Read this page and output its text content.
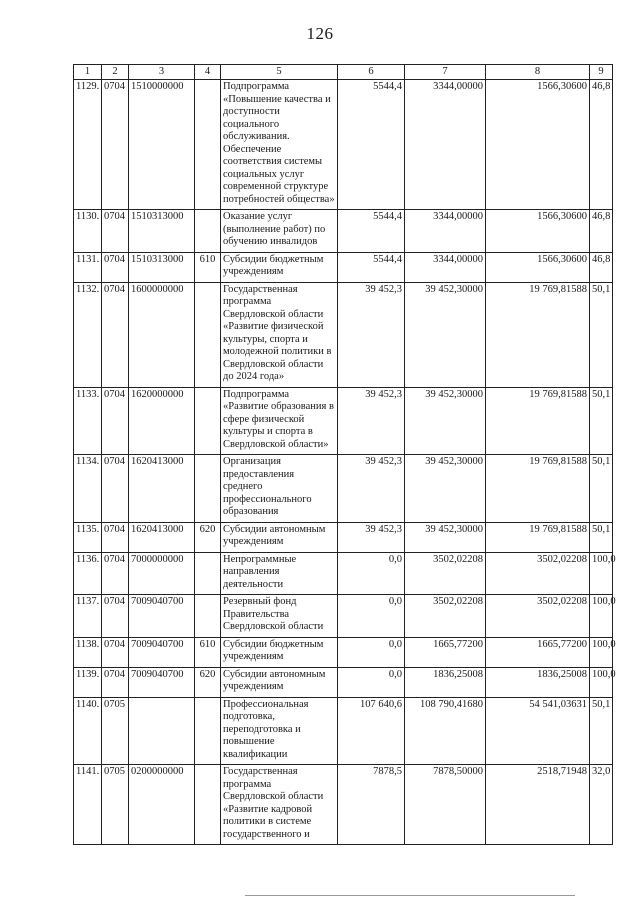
126
1	2	3	4	5	6	7	8	9
1129.	0704	1510000000		Подпрограмма «Повышение качества и доступности социального обслуживания. Обеспечение соответствия системы социальных услуг современной структуре потребностей общества»	5544,4	3344,00000	1566,30600	46,8
1130.	0704	1510313000		Оказание услуг (выполнение работ) по обучению инвалидов	5544,4	3344,00000	1566,30600	46,8
1131.	0704	1510313000	610	Субсидии бюджетным учреждениям	5544,4	3344,00000	1566,30600	46,8
1132.	0704	1600000000		Государственная программа Свердловской области «Развитие физической культуры, спорта и молодежной политики в Свердловской области до 2024 года»	39 452,3	39 452,30000	19 769,81588	50,1
1133.	0704	1620000000		Подпрограмма «Развитие образования в сфере физической культуры и спорта в Свердловской области»	39 452,3	39 452,30000	19 769,81588	50,1
1134.	0704	1620413000		Организация предоставления среднего профессионального образования	39 452,3	39 452,30000	19 769,81588	50,1
1135.	0704	1620413000	620	Субсидии автономным учреждениям	39 452,3	39 452,30000	19 769,81588	50,1
1136.	0704	7000000000		Непрограммные направления деятельности	0,0	3502,02208	3502,02208	100,0
1137.	0704	7009040700		Резервный фонд Правительства Свердловской области	0,0	3502,02208	3502,02208	100,0
1138.	0704	7009040700	610	Субсидии бюджетным учреждениям	0,0	1665,77200	1665,77200	100,0
1139.	0704	7009040700	620	Субсидии автономным учреждениям	0,0	1836,25008	1836,25008	100,0
1140.	0705			Профессиональная подготовка, переподготовка и повышение квалификации	107 640,6	108 790,41680	54 541,03631	50,1
1141.	0705	0200000000		Государственная программа Свердловской области «Развитие кадровой политики в системе государственного и	7878,5	7878,50000	2518,71948	32,0
